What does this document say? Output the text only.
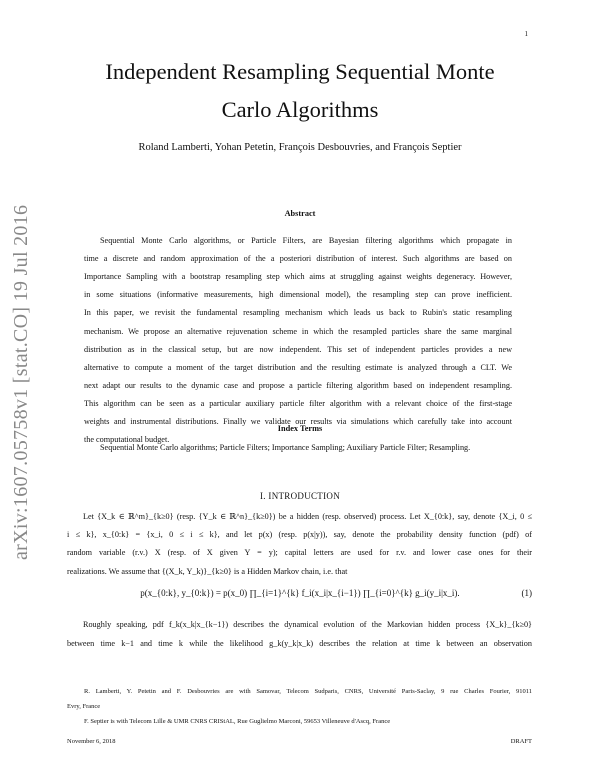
1
arXiv:1607.05758v1 [stat.CO] 19 Jul 2016
Independent Resampling Sequential Monte
Carlo Algorithms
Roland Lamberti, Yohan Petetin, François Desbouvries, and François Septier
Abstract
Sequential Monte Carlo algorithms, or Particle Filters, are Bayesian filtering algorithms which propagate in
time a discrete and random approximation of the a posteriori distribution of interest. Such algorithms are based on
Importance Sampling with a bootstrap resampling step which aims at struggling against weights degeneracy. However,
in some situations (informative measurements, high dimensional model), the resampling step can prove inefficient.
In this paper, we revisit the fundamental resampling mechanism which leads us back to Rubin's static resampling
mechanism. We propose an alternative rejuvenation scheme in which the resampled particles share the same marginal
distribution as in the classical setup, but are now independent. This set of independent particles provides a new
alternative to compute a moment of the target distribution and the resulting estimate is analyzed through a CLT. We
next adapt our results to the dynamic case and propose a particle filtering algorithm based on independent resampling.
This algorithm can be seen as a particular auxiliary particle filter algorithm with a relevant choice of the first-stage
weights and instrumental distributions. Finally we validate our results via simulations which carefully take into account
the computational budget.
Index Terms
Sequential Monte Carlo algorithms; Particle Filters; Importance Sampling; Auxiliary Particle Filter; Resampling.
I. INTRODUCTION
Let {X_k ∈ ℝ^m}_{k≥0} (resp. {Y_k ∈ ℝ^n}_{k≥0}) be a hidden (resp. observed) process. Let X_{0:k}, say, denote {X_i, 0 ≤
i ≤ k}, x_{0:k} = {x_i, 0 ≤ i ≤ k}, and let p(x) (resp. p(x|y)), say, denote the probability density function (pdf) of
random variable (r.v.) X (resp. of X given Y = y); capital letters are used for r.v. and lower case ones for their
realizations. We assume that {(X_k, Y_k)}_{k≥0} is a Hidden Markov chain, i.e. that
p(x_{0:k}, y_{0:k}) = p(x_0) ∏_{i=1}^{k} f_i(x_i|x_{i−1}) ∏_{i=0}^{k} g_i(y_i|x_i).	(1)
Roughly speaking, pdf f_k(x_k|x_{k−1}) describes the dynamical evolution of the Markovian hidden process {X_k}_{k≥0}
between time k−1 and time k while the likelihood g_k(y_k|x_k) describes the relation at time k between an observation
R. Lamberti, Y. Petetin and F. Desbouvries are with Samovar, Telecom Sudparis, CNRS, Université Paris-Saclay, 9 rue Charles Fourier, 91011
Evry, France
F. Septier is with Telecom Lille & UMR CNRS CRIStAL, Rue Guglielmo Marconi, 59653 Villeneuve d'Ascq, France
November 6, 2018	DRAFT
